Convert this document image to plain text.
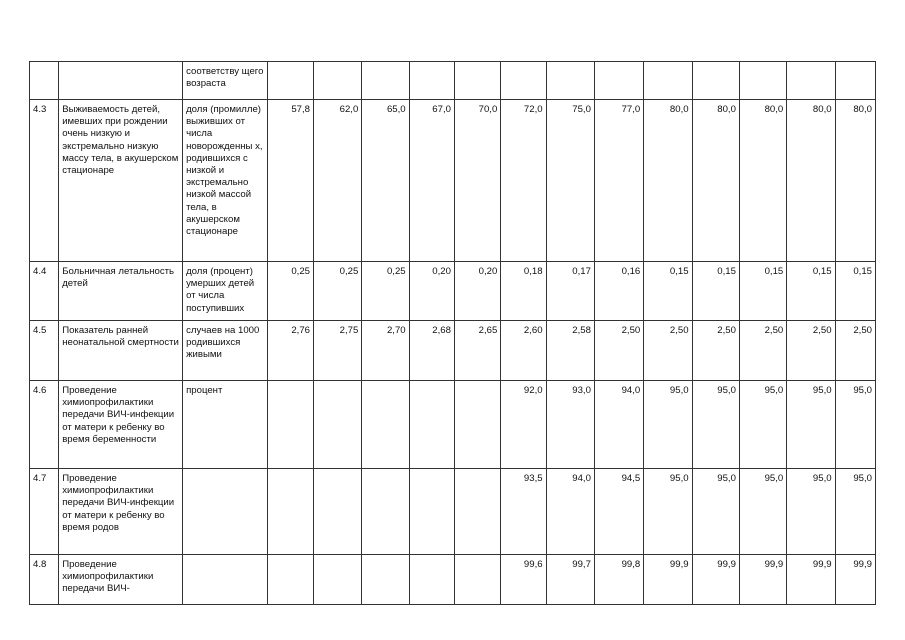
		соответству щего возраста													
4.3	Выживаемость детей, имевших при рождении очень низкую и экстремально низкую массу тела, в акушерском стационаре	доля (промилле) выживших от числа новорожденны х, родившихся с низкой и экстремально низкой массой тела, в акушерском стационаре	57,8	62,0	65,0	67,0	70,0	72,0	75,0	77,0	80,0	80,0	80,0	80,0	80,0
4.4	Больничная летальность детей	доля (процент) умерших детей от числа поступивших	0,25	0,25	0,25	0,20	0,20	0,18	0,17	0,16	0,15	0,15	0,15	0,15	0,15
4.5	Показатель ранней неонатальной смертности	случаев на 1000 родившихся живыми	2,76	2,75	2,70	2,68	2,65	2,60	2,58	2,50	2,50	2,50	2,50	2,50	2,50
4.6	Проведение химиопрофилактики передачи ВИЧ-инфекции от матери к ребенку во время беременности	процент						92,0	93,0	94,0	95,0	95,0	95,0	95,0	95,0
4.7	Проведение химиопрофилактики передачи ВИЧ-инфекции от матери к ребенку во время родов							93,5	94,0	94,5	95,0	95,0	95,0	95,0	95,0
4.8	Проведение химиопрофилактики передачи ВИЧ-							99,6	99,7	99,8	99,9	99,9	99,9	99,9	99,9
